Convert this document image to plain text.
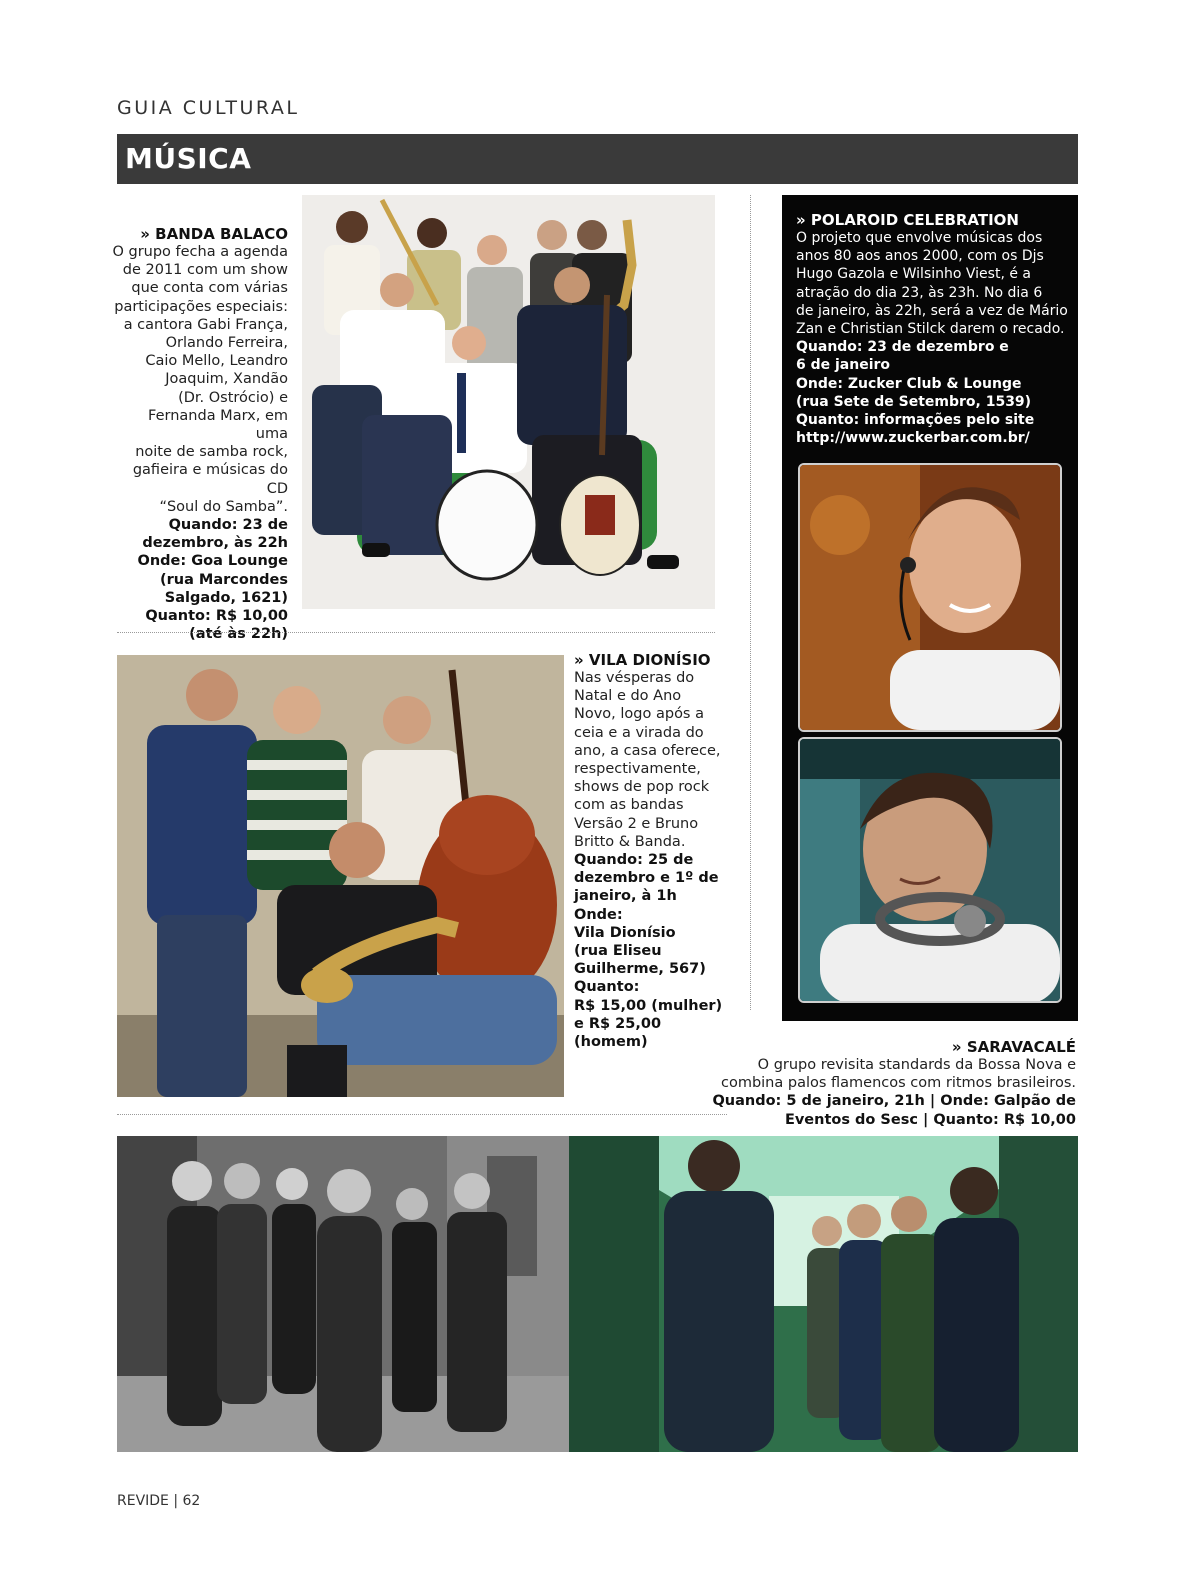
GUIA CULTURAL
MÚSICA
» BANDA BALACO
O grupo fecha a agenda
de 2011 com um show
que conta com várias
participações especiais:
a cantora Gabi França,
Orlando Ferreira,
Caio Mello, Leandro
Joaquim, Xandão
(Dr. Ostrócio) e
Fernanda Marx, em uma
noite de samba rock,
gafieira e músicas do CD
“Soul do Samba”.
Quando: 23 de
dezembro, às 22h
Onde: Goa Lounge
(rua Marcondes
Salgado, 1621)
Quanto: R$ 10,00
(até às 22h)
» POLAROID CELEBRATION
O projeto que envolve músicas dos
anos 80 aos anos 2000, com os Djs
Hugo Gazola e Wilsinho Viest, é a
atração do dia 23, às 23h. No dia 6
de janeiro, às 22h, será a vez de Mário
Zan e Christian Stilck darem o recado.
Quando: 23 de dezembro e
6 de janeiro
Onde: Zucker Club & Lounge
(rua Sete de Setembro, 1539)
Quanto: informações pelo site
http://www.zuckerbar.com.br/
» VILA DIONÍSIO
Nas vésperas do
Natal e do Ano
Novo, logo após a
ceia e a virada do
ano, a casa oferece,
respectivamente,
shows de pop rock
com as bandas
Versão 2 e Bruno
Britto & Banda.
Quando: 25 de
dezembro e 1º de
janeiro, à 1h
Onde:
Vila Dionísio
(rua Eliseu
Guilherme, 567)
Quanto:
R$ 15,00 (mulher)
e R$ 25,00
(homem)	» SARAVACALÉ
O grupo revisita standards da Bossa Nova e
combina palos flamencos com ritmos brasileiros.
Quando: 5 de janeiro, 21h | Onde: Galpão de
Eventos do Sesc | Quanto: R$ 10,00
REVIDE | 62
